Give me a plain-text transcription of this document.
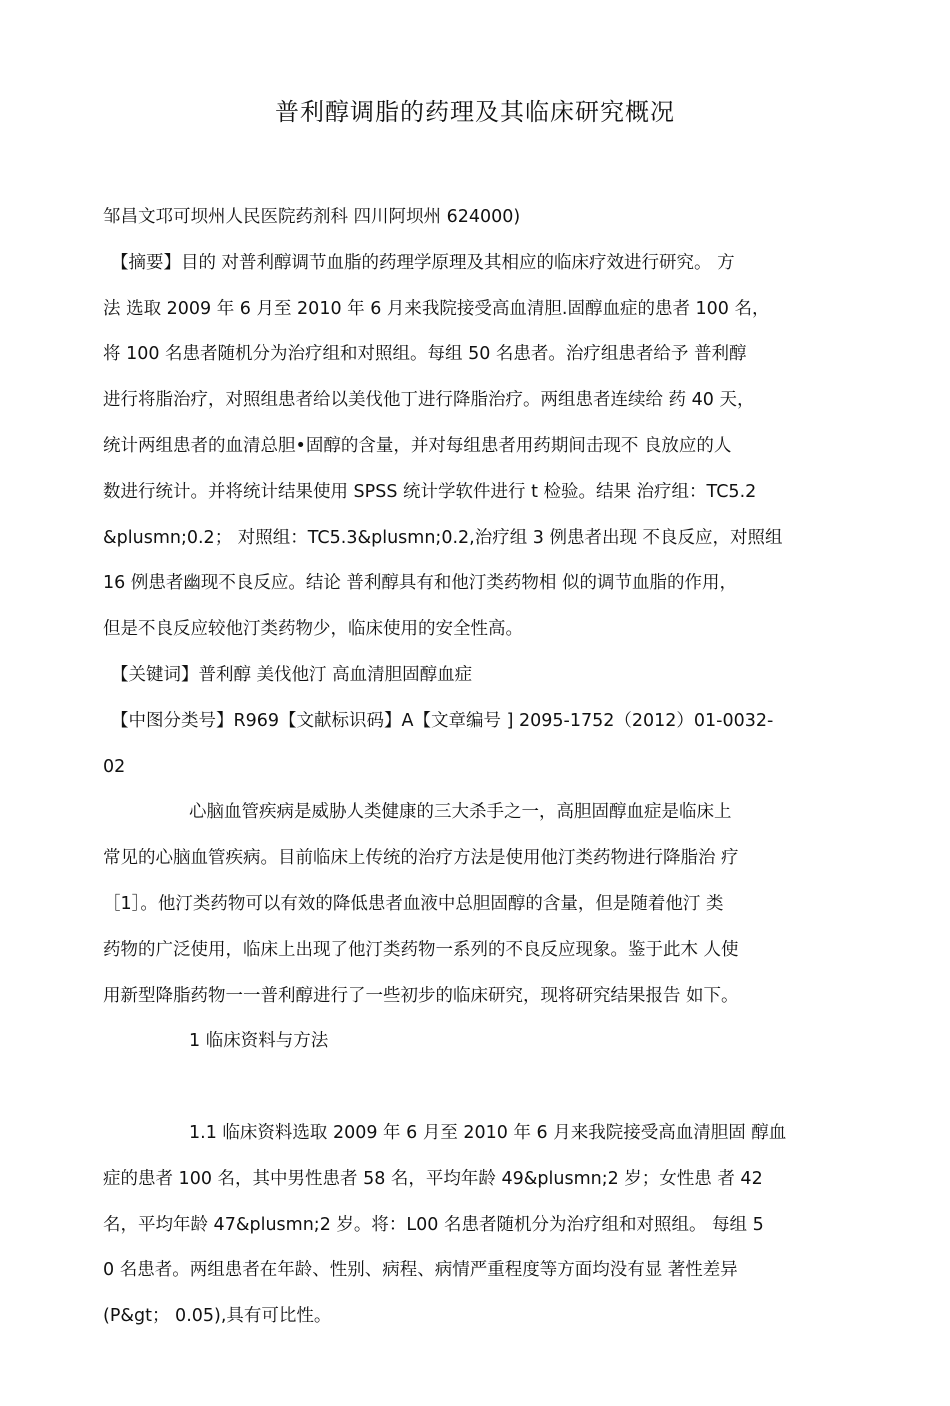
普利醇调脂的药理及其临床研究概况
邹昌文邛可坝州人民医院药剂科 四川阿坝州 624000)
【摘要】目的 对普利醇调节血脂的药理学原理及其相应的临床疗效进行研究。 方
法 选取 2009 年 6 月至 2010 年 6 月来我院接受高血清胆.固醇血症的患者 100 名，
将 100 名患者随机分为治疗组和对照组。每组 50 名患者。治疗组患者给予 普利醇
进行将脂治疗，对照组患者给以美伐他丁进行降脂治疗。两组患者连续给 药 40 天，
统计两组患者的血清总胆•固醇的含量，并对每组患者用药期间击现不 良放应的人
数进行统计。并将统计结果使用 SPSS 统计学软件进行 t 检验。结果 治疗组：TC5.2
&plusmn;0.2； 对照组：TC5.3&plusmn;0.2,治疗组 3 例患者出现 不良反应，对照组
16 例患者幽现不良反应。结论 普利醇具有和他汀类药物相 似的调节血脂的作用，
但是不良反应较他汀类药物少，临床使用的安全性高。
【关键词】普利醇 美伐他汀 高血清胆固醇血症
【中图分类号】R969【文献标识码】A【文章编号 ] 2095-1752（2012）01-0032-
02
心脑血管疾病是威胁人类健康的三大杀手之一，高胆固醇血症是临床上
常见的心脑血管疾病。目前临床上传统的治疗方法是使用他汀类药物进行降脂治 疗
［1］。他汀类药物可以有效的降低患者血液中总胆固醇的含量，但是随着他汀 类
药物的广泛使用，临床上出现了他汀类药物一系列的不良反应现象。鉴于此木 人使
用新型降脂药物一一普利醇进行了一些初步的临床研究，现将研究结果报告 如下。
1 临床资料与方法
1.1 临床资料选取 2009 年 6 月至 2010 年 6 月来我院接受高血清胆固 醇血
症的患者 100 名，其中男性患者 58 名，平均年龄 49&plusmn;2 岁；女性患 者 42
名，平均年龄 47&plusmn;2 岁。将：L00 名患者随机分为治疗组和对照组。 每组 5
0 名患者。两组患者在年龄、性别、病程、病情严重程度等方面均没有显 著性差异
(P&gt； 0.05),具有可比性。
